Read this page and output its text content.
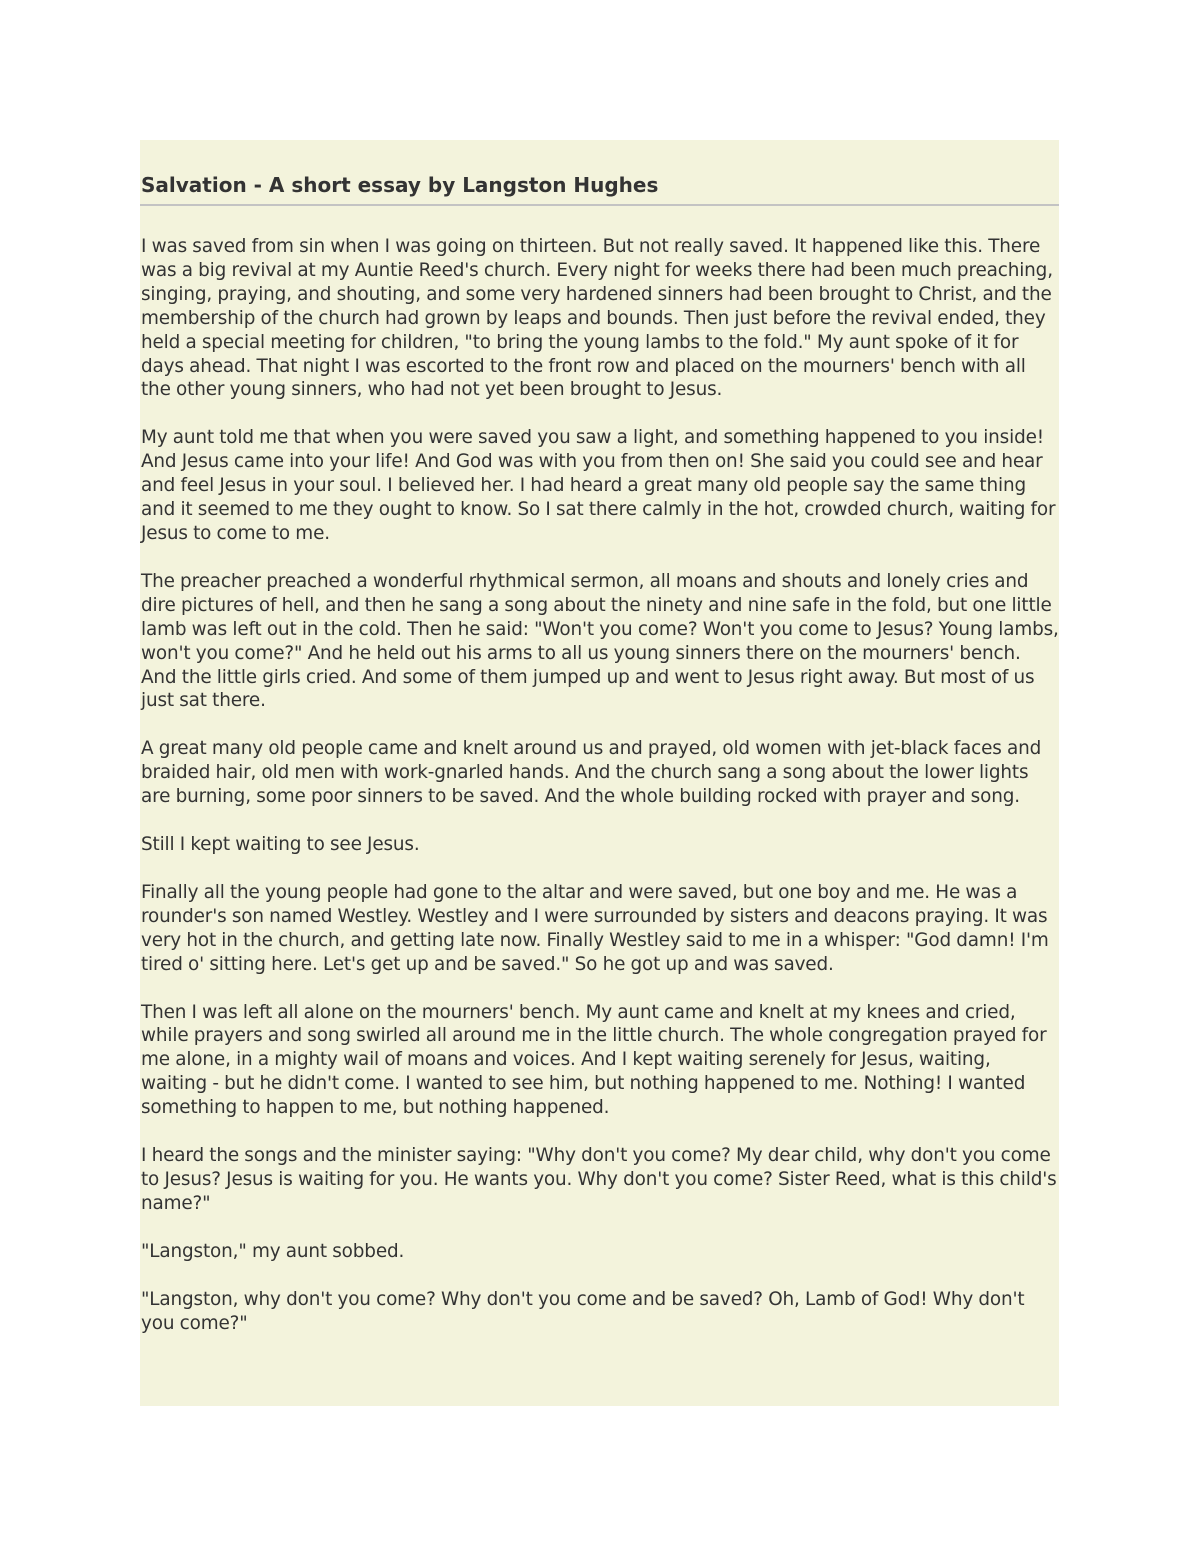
Salvation - A short essay by Langston Hughes

I was saved from sin when I was going on thirteen. But not really saved. It happened like this. There was a big revival at my Auntie Reed's church. Every night for weeks there had been much preaching, singing, praying, and shouting, and some very hardened sinners had been brought to Christ, and the membership of the church had grown by leaps and bounds. Then just before the revival ended, they held a special meeting for children, "to bring the young lambs to the fold." My aunt spoke of it for days ahead. That night I was escorted to the front row and placed on the mourners' bench with all the other young sinners, who had not yet been brought to Jesus.

My aunt told me that when you were saved you saw a light, and something happened to you inside! And Jesus came into your life! And God was with you from then on! She said you could see and hear and feel Jesus in your soul. I believed her. I had heard a great many old people say the same thing and it seemed to me they ought to know. So I sat there calmly in the hot, crowded church, waiting for Jesus to come to me.

The preacher preached a wonderful rhythmical sermon, all moans and shouts and lonely cries and dire pictures of hell, and then he sang a song about the ninety and nine safe in the fold, but one little lamb was left out in the cold. Then he said: "Won't you come? Won't you come to Jesus? Young lambs, won't you come?" And he held out his arms to all us young sinners there on the mourners' bench. And the little girls cried. And some of them jumped up and went to Jesus right away. But most of us just sat there.

A great many old people came and knelt around us and prayed, old women with jet-black faces and braided hair, old men with work-gnarled hands. And the church sang a song about the lower lights are burning, some poor sinners to be saved. And the whole building rocked with prayer and song.

Still I kept waiting to see Jesus.

Finally all the young people had gone to the altar and were saved, but one boy and me. He was a rounder's son named Westley. Westley and I were surrounded by sisters and deacons praying. It was very hot in the church, and getting late now. Finally Westley said to me in a whisper: "God damn! I'm tired o' sitting here. Let's get up and be saved." So he got up and was saved.

Then I was left all alone on the mourners' bench. My aunt came and knelt at my knees and cried, while prayers and song swirled all around me in the little church. The whole congregation prayed for me alone, in a mighty wail of moans and voices. And I kept waiting serenely for Jesus, waiting, waiting - but he didn't come. I wanted to see him, but nothing happened to me. Nothing! I wanted something to happen to me, but nothing happened.

I heard the songs and the minister saying: "Why don't you come? My dear child, why don't you come to Jesus? Jesus is waiting for you. He wants you. Why don't you come? Sister Reed, what is this child's name?"

"Langston," my aunt sobbed.

"Langston, why don't you come? Why don't you come and be saved? Oh, Lamb of God! Why don't you come?"
